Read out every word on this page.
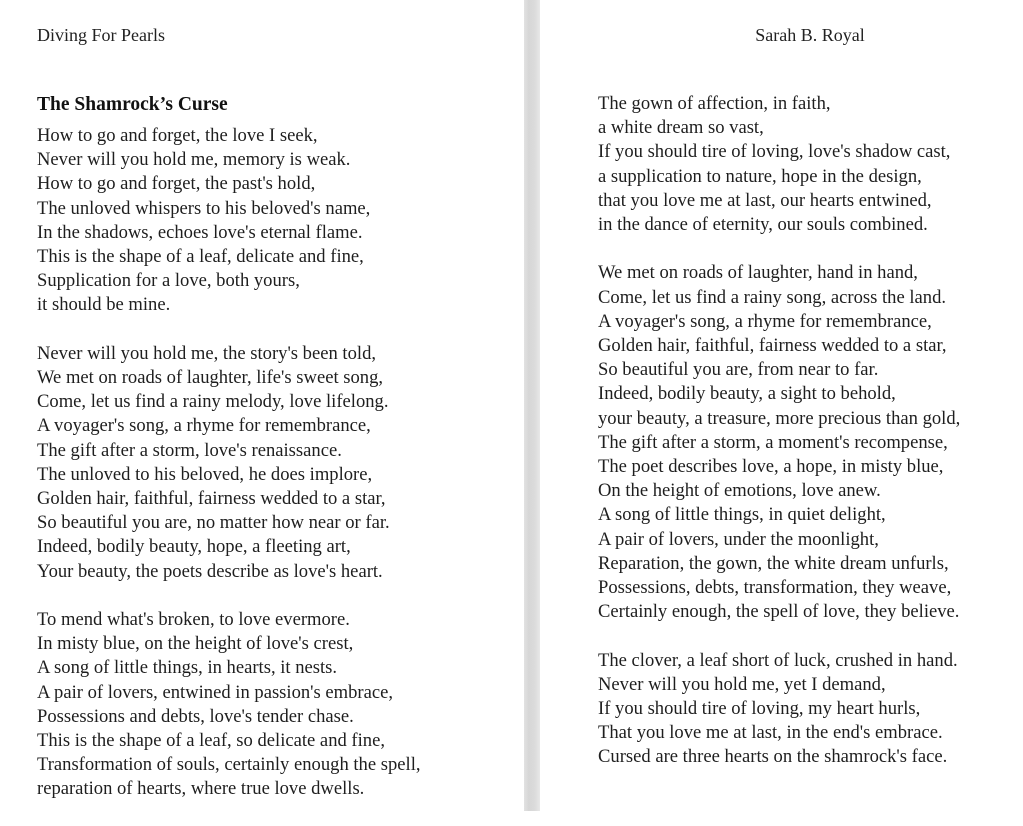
Diving For Pearls
The Shamrock’s Curse
How to go and forget, the love I seek,
Never will you hold me, memory is weak.
How to go and forget, the past's hold,
The unloved whispers to his beloved's name,
In the shadows, echoes love's eternal flame.
This is the shape of a leaf, delicate and fine,
Supplication for a love, both yours,
it should be mine.
Never will you hold me, the story's been told,
We met on roads of laughter, life's sweet song,
Come, let us find a rainy melody, love lifelong.
A voyager's song, a rhyme for remembrance,
The gift after a storm, love's renaissance.
The unloved to his beloved, he does implore,
Golden hair, faithful, fairness wedded to a star,
So beautiful you are, no matter how near or far.
Indeed, bodily beauty, hope, a fleeting art,
Your beauty, the poets describe as love's heart.
To mend what's broken, to love evermore.
In misty blue, on the height of love's crest,
A song of little things, in hearts, it nests.
A pair of lovers, entwined in passion's embrace,
Possessions and debts, love's tender chase.
This is the shape of a leaf, so delicate and fine,
Transformation of souls, certainly enough the spell,
reparation of hearts, where true love dwells.
Sarah B. Royal
The gown of affection, in faith,
a white dream so vast,
If you should tire of loving, love's shadow cast,
a supplication to nature, hope in the design,
that you love me at last, our hearts entwined,
in the dance of eternity, our souls combined.
We met on roads of laughter, hand in hand,
Come, let us find a rainy song, across the land.
A voyager's song, a rhyme for remembrance,
Golden hair, faithful, fairness wedded to a star,
So beautiful you are, from near to far.
Indeed, bodily beauty, a sight to behold,
your beauty, a treasure, more precious than gold,
The gift after a storm, a moment's recompense,
The poet describes love, a hope, in misty blue,
On the height of emotions, love anew.
A song of little things, in quiet delight,
A pair of lovers, under the moonlight,
Reparation, the gown, the white dream unfurls,
Possessions, debts, transformation, they weave,
Certainly enough, the spell of love, they believe.
The clover, a leaf short of luck, crushed in hand.
Never will you hold me, yet I demand,
If you should tire of loving, my heart hurls,
That you love me at last, in the end's embrace.
Cursed are three hearts on the shamrock's face.
